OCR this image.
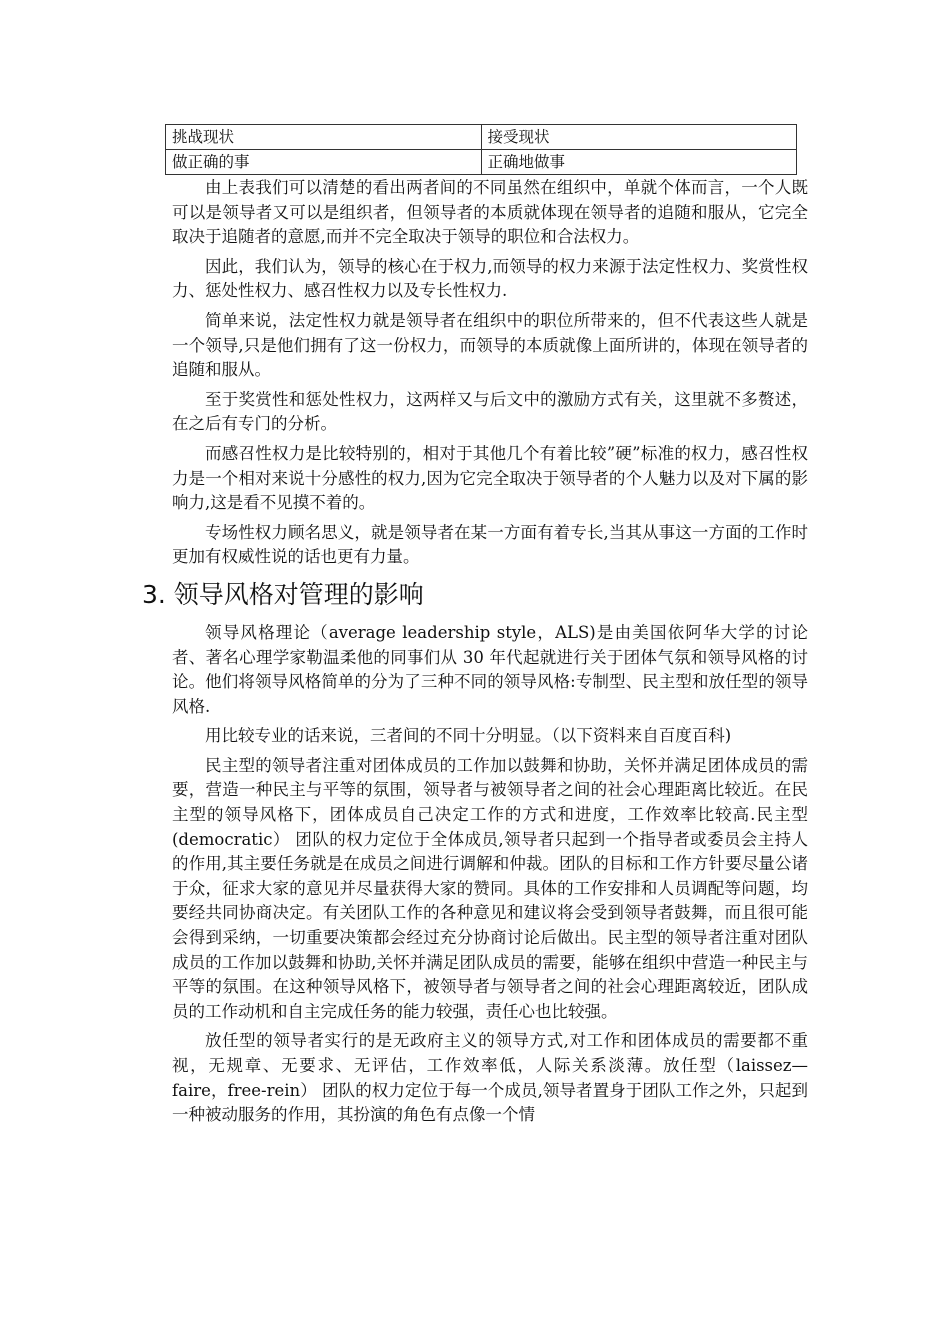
挑战现状	接受现状
做正确的事	正确地做事

由上表我们可以清楚的看出两者间的不同虽然在组织中，单就个体而言，一个人既可以是领导者又可以是组织者，但领导者的本质就体现在领导者的追随和服从，它完全取决于追随者的意愿,而并不完全取决于领导的职位和合法权力。

因此，我们认为，领导的核心在于权力,而领导的权力来源于法定性权力、奖赏性权力、惩处性权力、感召性权力以及专长性权力.

简单来说，法定性权力就是领导者在组织中的职位所带来的，但不代表这些人就是一个领导,只是他们拥有了这一份权力，而领导的本质就像上面所讲的，体现在领导者的追随和服从。

至于奖赏性和惩处性权力，这两样又与后文中的激励方式有关，这里就不多赘述，在之后有专门的分析。

而感召性权力是比较特别的，相对于其他几个有着比较”硬”标准的权力，感召性权力是一个相对来说十分感性的权力,因为它完全取决于领导者的个人魅力以及对下属的影响力,这是看不见摸不着的。

专场性权力顾名思义，就是领导者在某一方面有着专长,当其从事这一方面的工作时更加有权威性说的话也更有力量。

3. 领导风格对管理的影响

领导风格理论（average leadership style，ALS)是由美国依阿华大学的讨论者、著名心理学家勒温柔他的同事们从 30 年代起就进行关于团体气氛和领导风格的讨论。他们将领导风格简单的分为了三种不同的领导风格:专制型、民主型和放任型的领导风格.

用比较专业的话来说，三者间的不同十分明显。（以下资料来自百度百科)

民主型的领导者注重对团体成员的工作加以鼓舞和协助，关怀并满足团体成员的需要，营造一种民主与平等的氛围，领导者与被领导者之间的社会心理距离比较近。在民主型的领导风格下，团体成员自己决定工作的方式和进度，工作效率比较高.民主型(democratic） 团队的权力定位于全体成员,领导者只起到一个指导者或委员会主持人的作用,其主要任务就是在成员之间进行调解和仲裁。团队的目标和工作方针要尽量公诸于众，征求大家的意见并尽量获得大家的赞同。具体的工作安排和人员调配等问题，均要经共同协商决定。有关团队工作的各种意见和建议将会受到领导者鼓舞，而且很可能会得到采纳，一切重要决策都会经过充分协商讨论后做出。民主型的领导者注重对团队成员的工作加以鼓舞和协助,关怀并满足团队成员的需要，能够在组织中营造一种民主与平等的氛围。在这种领导风格下，被领导者与领导者之间的社会心理距离较近，团队成员的工作动机和自主完成任务的能力较强，责任心也比较强。

放任型的领导者实行的是无政府主义的领导方式,对工作和团体成员的需要都不重视，无规章、无要求、无评估，工作效率低，人际关系淡薄。放任型（laissez—faire，free-rein） 团队的权力定位于每一个成员,领导者置身于团队工作之外，只起到一种被动服务的作用，其扮演的角色有点像一个情
